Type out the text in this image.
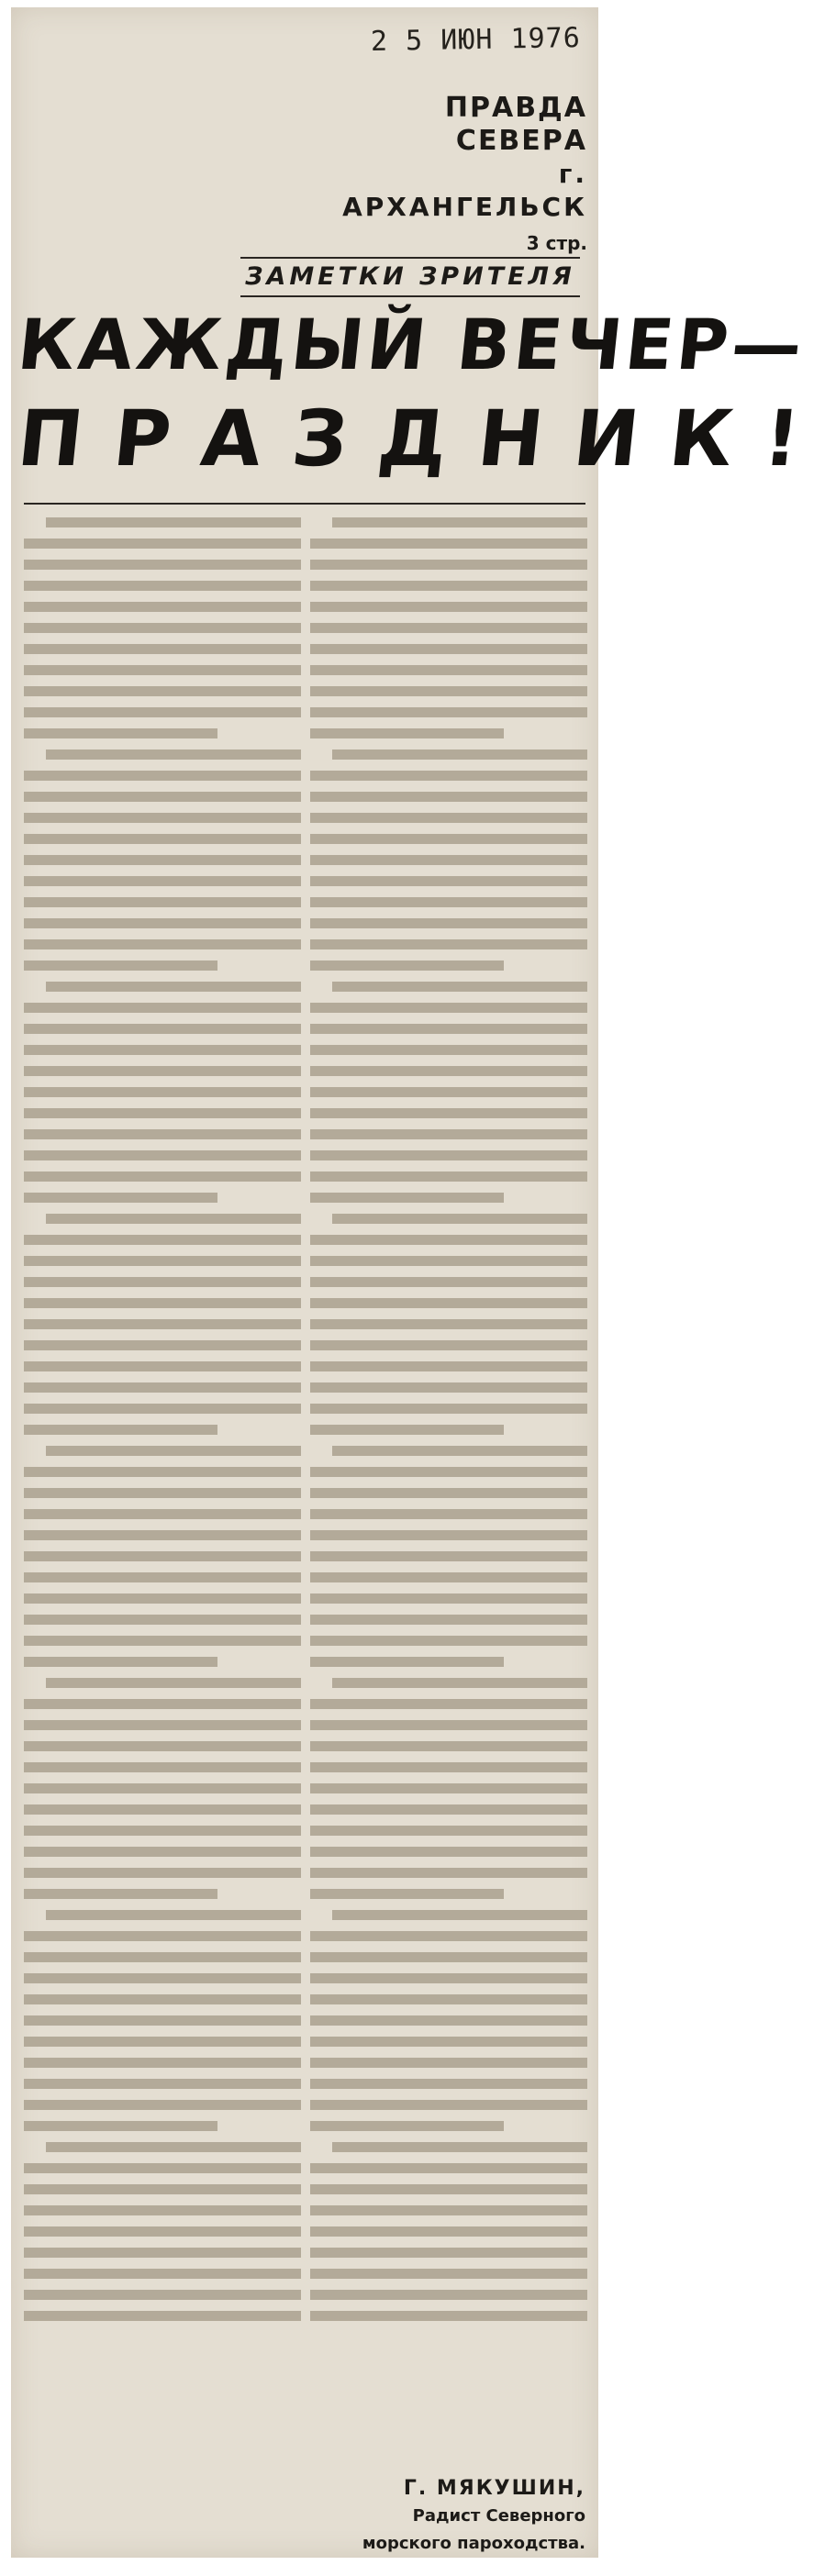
2 5 ИЮН 1976
ПРАВДА СЕВЕРА
г. АРХАНГЕЛЬСК
3 стр.
ЗАМЕТКИ ЗРИТЕЛЯ
КАЖДЫЙ ВЕЧЕР—
ПРАЗДНИК!
Г. МЯКУШИН,
Радист Северного
морского пароходства.
